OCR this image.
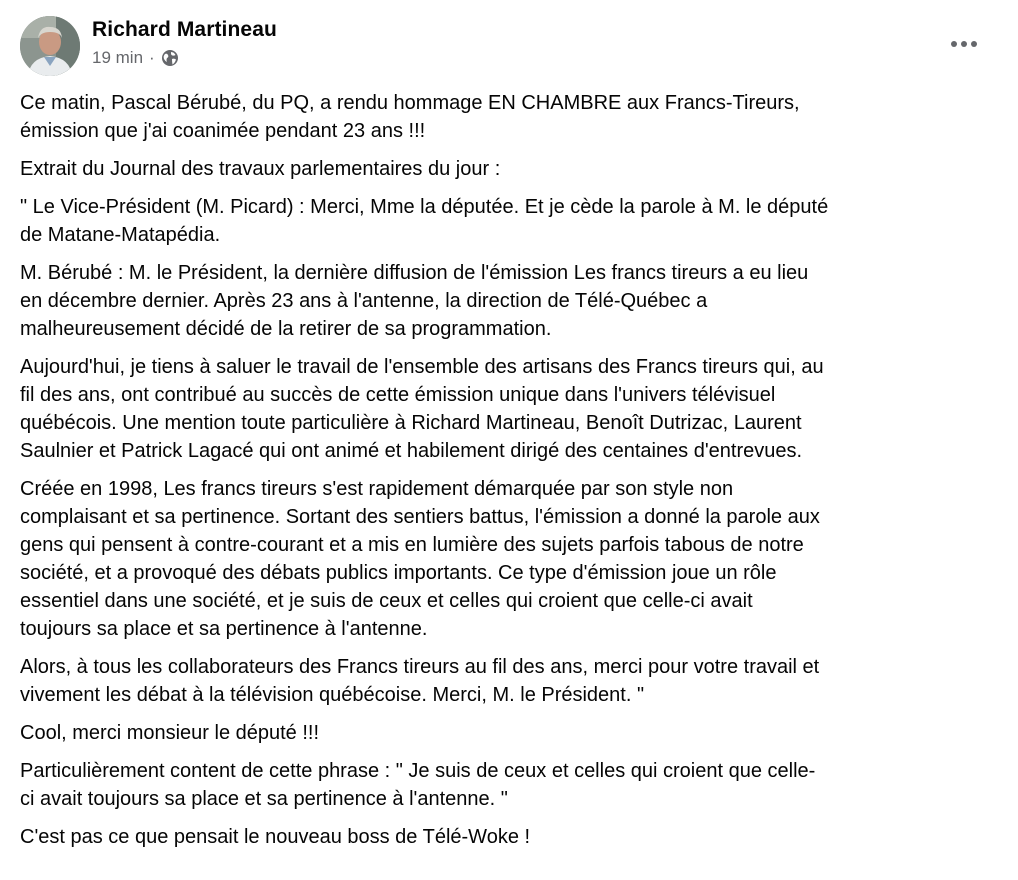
Richard Martineau
19 min ·

Ce matin, Pascal Bérubé, du PQ, a rendu hommage EN CHAMBRE aux Francs-Tireurs,
émission que j'ai coanimée pendant 23 ans !!!

Extrait du Journal des travaux parlementaires du jour :

" Le Vice-Président (M. Picard) : Merci, Mme la députée. Et je cède la parole à M. le député
de Matane-Matapédia.

M. Bérubé : M. le Président, la dernière diffusion de l'émission Les francs tireurs a eu lieu
en décembre dernier. Après 23 ans à l'antenne, la direction de Télé-Québec a
malheureusement décidé de la retirer de sa programmation.

Aujourd'hui, je tiens à saluer le travail de l'ensemble des artisans des Francs tireurs qui, au
fil des ans, ont contribué au succès de cette émission unique dans l'univers télévisuel
québécois. Une mention toute particulière à Richard Martineau, Benoît Dutrizac, Laurent
Saulnier et Patrick Lagacé qui ont animé et habilement dirigé des centaines d'entrevues.

Créée en 1998, Les francs tireurs s'est rapidement démarquée par son style non
complaisant et sa pertinence. Sortant des sentiers battus, l'émission a donné la parole aux
gens qui pensent à contre-courant et a mis en lumière des sujets parfois tabous de notre
société, et a provoqué des débats publics importants. Ce type d'émission joue un rôle
essentiel dans une société, et je suis de ceux et celles qui croient que celle-ci avait
toujours sa place et sa pertinence à l'antenne.

Alors, à tous les collaborateurs des Francs tireurs au fil des ans, merci pour votre travail et
vivement les débat à la télévision québécoise. Merci, M. le Président. "

Cool, merci monsieur le député !!!

Particulièrement content de cette phrase : " Je suis de ceux et celles qui croient que celle-
ci avait toujours sa place et sa pertinence à l'antenne. "

C'est pas ce que pensait le nouveau boss de Télé-Woke !
